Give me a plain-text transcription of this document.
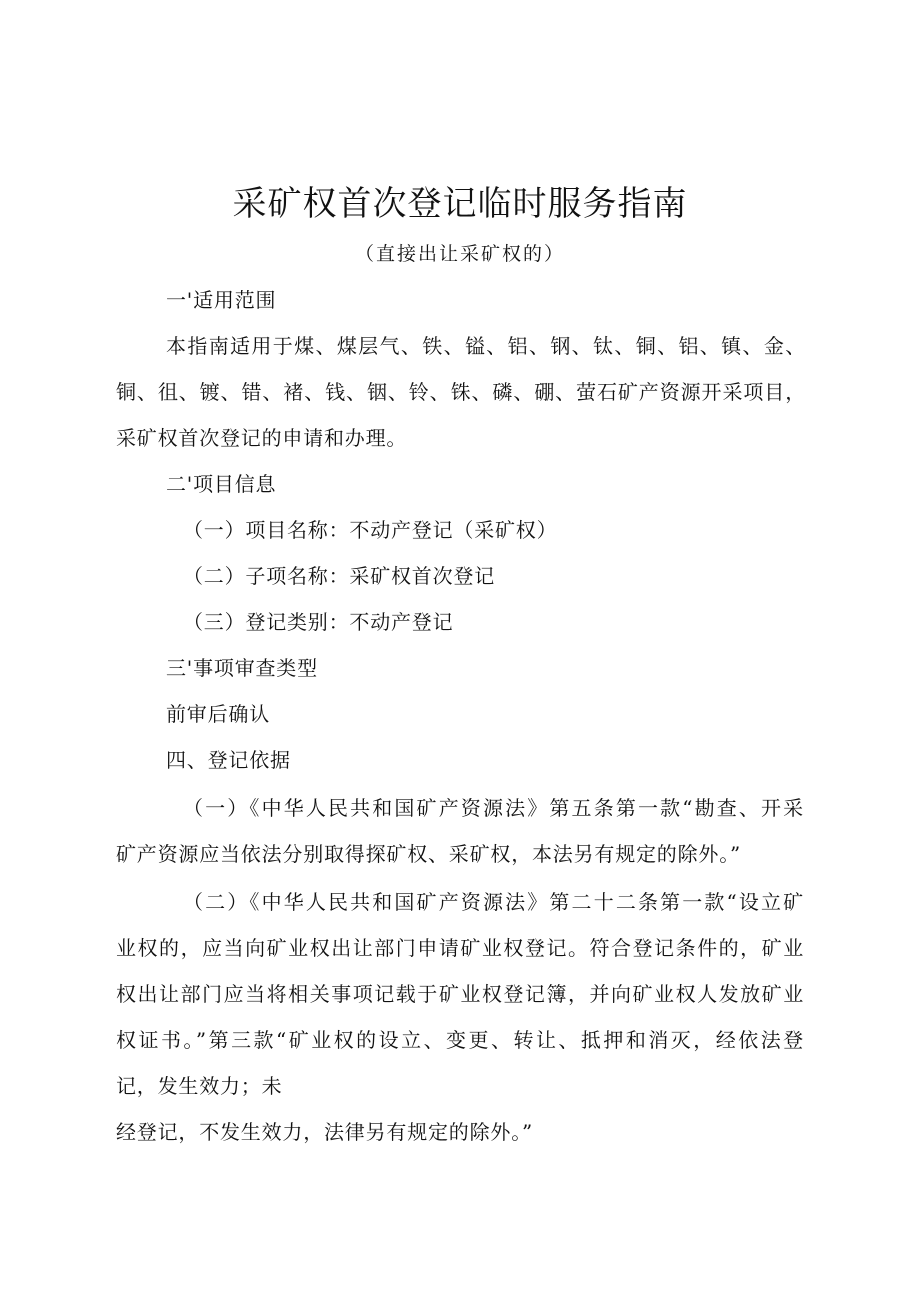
采矿权首次登记临时服务指南
（直接出让采矿权的）
一'适用范围
本指南适用于煤、煤层气、铁、镒、铝、钢、钛、铜、铝、镇、金、
铜、徂、镀、错、褚、钱、铟、铃、铢、磷、硼、萤石矿产资源开采项目，
采矿权首次登记的申请和办理。
二'项目信息
（一）项目名称：不动产登记（采矿权）
（二）子项名称：采矿权首次登记
（三）登记类别：不动产登记
三'事项审查类型
前审后确认
四、登记依据
（一）《中华人民共和国矿产资源法》第五条第一款“勘查、开采
矿产资源应当依法分别取得探矿权、采矿权，本法另有规定的除外。”
（二）《中华人民共和国矿产资源法》第二十二条第一款“设立矿
业权的，应当向矿业权出让部门申请矿业权登记。符合登记条件的，矿业
权出让部门应当将相关事项记载于矿业权登记簿，并向矿业权人发放矿业
权证书。”第三款“矿业权的设立、变更、转让、抵押和消灭，经依法登
记，发生效力；未
经登记，不发生效力，法律另有规定的除外。”
